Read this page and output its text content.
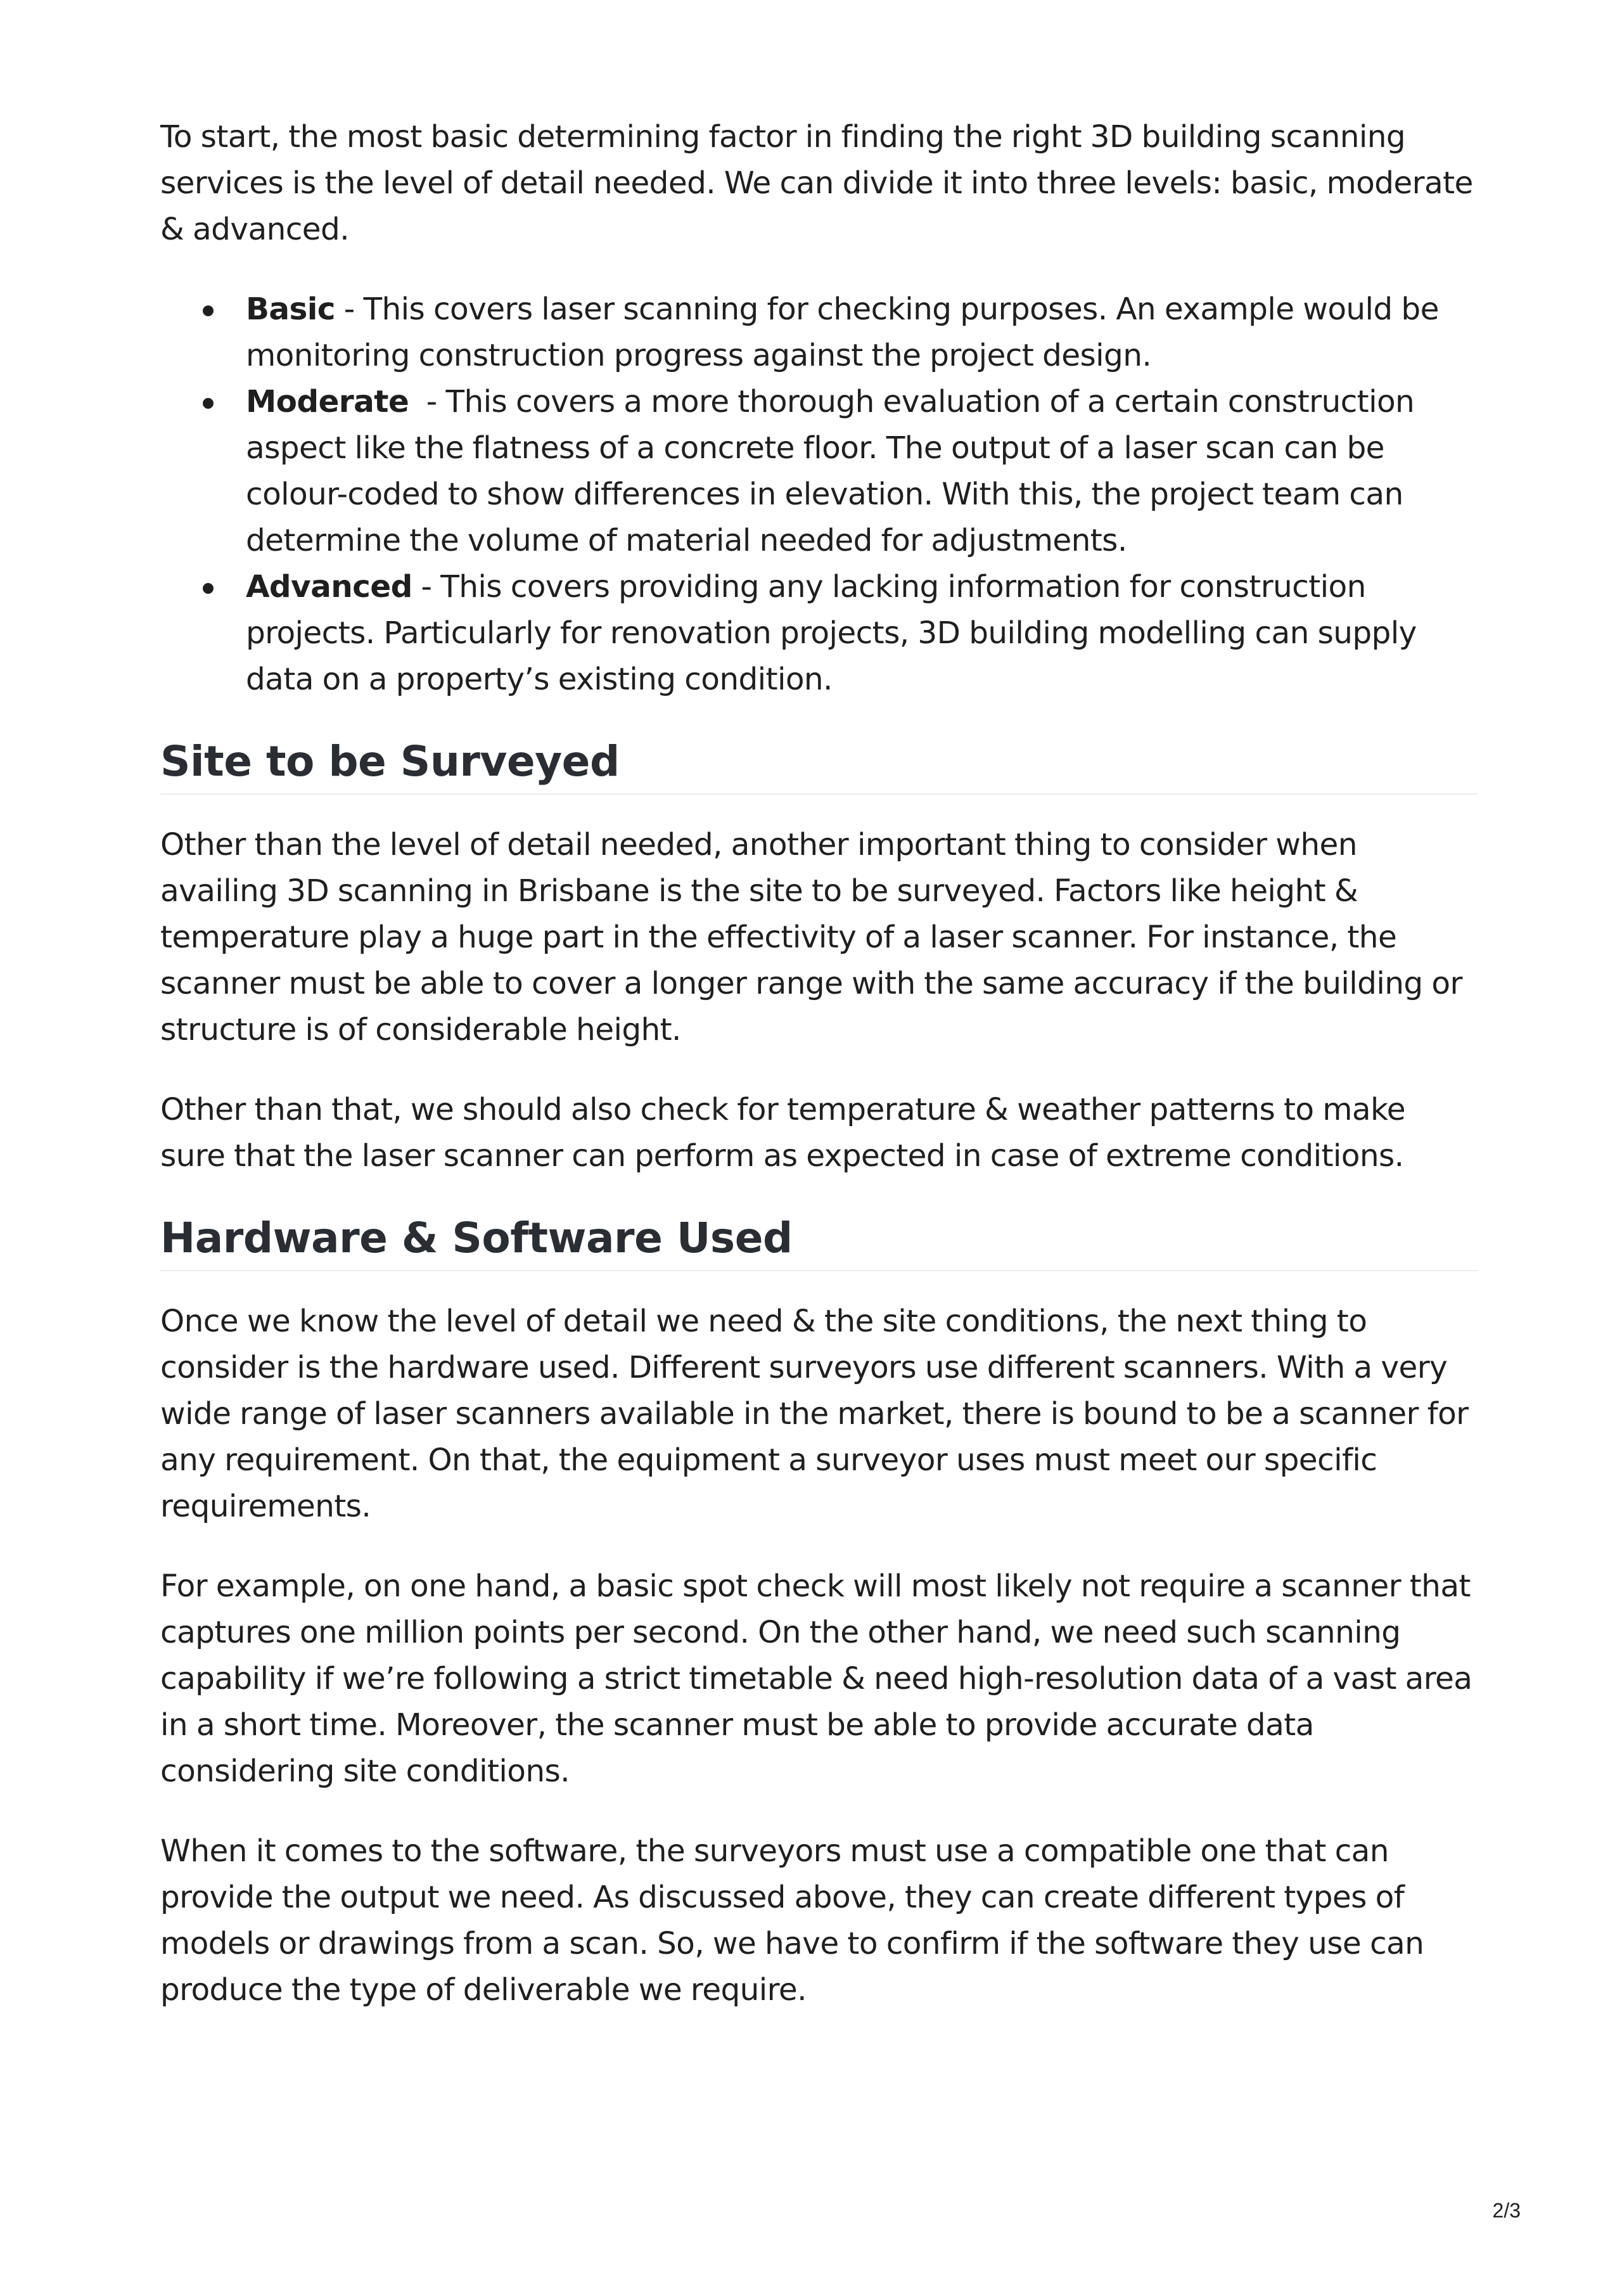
To start, the most basic determining factor in finding the right 3D building scanning services is the level of detail needed. We can divide it into three levels: basic, moderate & advanced.

Basic - This covers laser scanning for checking purposes. An example would be monitoring construction progress against the project design.
Moderate  - This covers a more thorough evaluation of a certain construction aspect like the flatness of a concrete floor. The output of a laser scan can be colour-coded to show differences in elevation. With this, the project team can determine the volume of material needed for adjustments.
Advanced - This covers providing any lacking information for construction projects. Particularly for renovation projects, 3D building modelling can supply data on a property’s existing condition.
Site to be Surveyed

Other than the level of detail needed, another important thing to consider when availing 3D scanning in Brisbane is the site to be surveyed. Factors like height & temperature play a huge part in the effectivity of a laser scanner. For instance, the scanner must be able to cover a longer range with the same accuracy if the building or structure is of considerable height.

Other than that, we should also check for temperature & weather patterns to make sure that the laser scanner can perform as expected in case of extreme conditions.

Hardware & Software Used

Once we know the level of detail we need & the site conditions, the next thing to consider is the hardware used. Different surveyors use different scanners. With a very wide range of laser scanners available in the market, there is bound to be a scanner for any requirement. On that, the equipment a surveyor uses must meet our specific requirements.

For example, on one hand, a basic spot check will most likely not require a scanner that captures one million points per second. On the other hand, we need such scanning capability if we’re following a strict timetable & need high-resolution data of a vast area in a short time. Moreover, the scanner must be able to provide accurate data considering site conditions.

When it comes to the software, the surveyors must use a compatible one that can provide the output we need. As discussed above, they can create different types of models or drawings from a scan. So, we have to confirm if the software they use can produce the type of deliverable we require.

2/3
